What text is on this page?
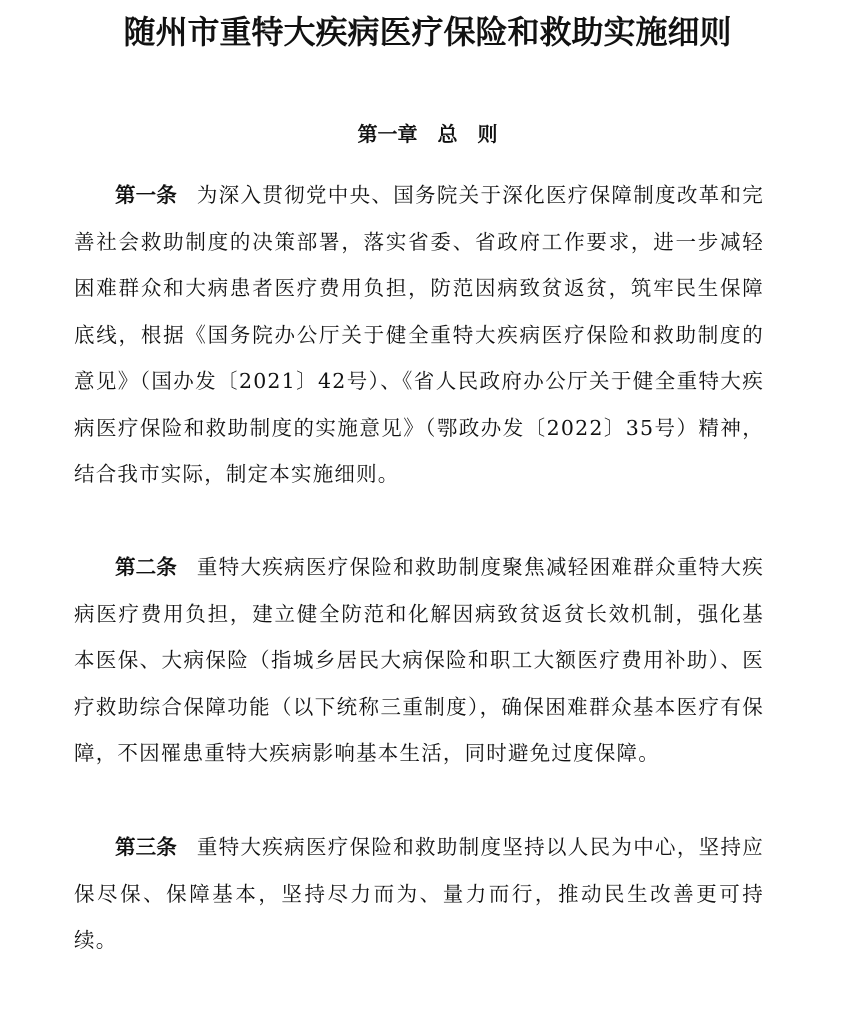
随州市重特大疾病医疗保险和救助实施细则
第一章　总　则

第一条 为深入贯彻党中央、国务院关于深化医疗保障制度改革和完善社会救助制度的决策部署，落实省委、省政府工作要求，进一步减轻困难群众和大病患者医疗费用负担，防范因病致贫返贫，筑牢民生保障底线，根据《国务院办公厅关于健全重特大疾病医疗保险和救助制度的意见》（国办发〔2021〕42号）、《省人民政府办公厅关于健全重特大疾病医疗保险和救助制度的实施意见》（鄂政办发〔2022〕35号）精神，结合我市实际，制定本实施细则。

第二条 重特大疾病医疗保险和救助制度聚焦减轻困难群众重特大疾病医疗费用负担，建立健全防范和化解因病致贫返贫长效机制，强化基本医保、大病保险（指城乡居民大病保险和职工大额医疗费用补助）、医疗救助综合保障功能（以下统称三重制度），确保困难群众基本医疗有保障，不因罹患重特大疾病影响基本生活，同时避免过度保障。

第三条 重特大疾病医疗保险和救助制度坚持以人民为中心，坚持应保尽保、保障基本，坚持尽力而为、量力而行，推动民生改善更可持续。
